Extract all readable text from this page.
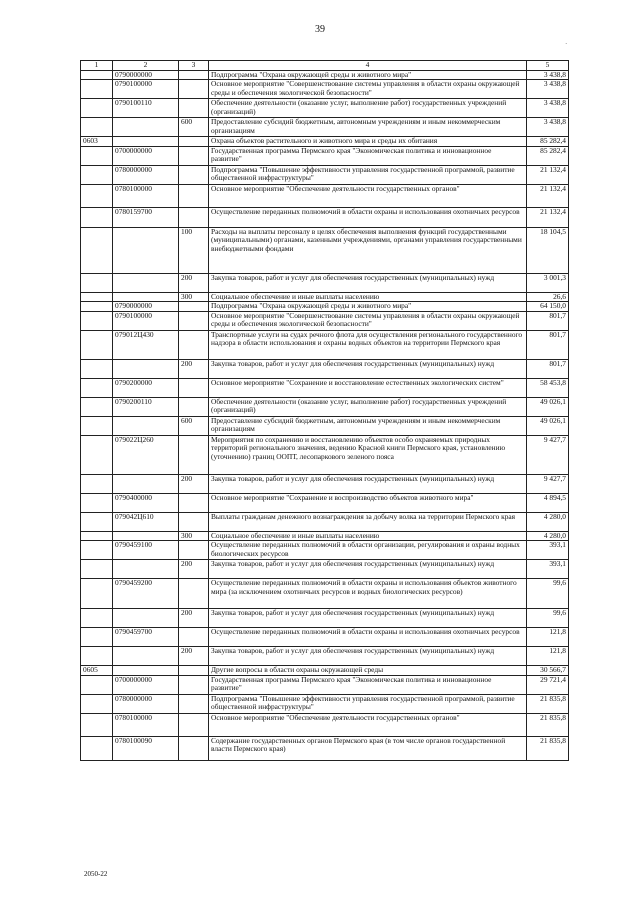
39
·
1	2	3	4	5
	0790000000		Подпрограмма "Охрана окружающей среды и животного мира"	3 438,8
	0790100000		Основное мероприятие "Совершенствование системы управления в области охраны окружающей среды и обеспечения экологической безопасности"	3 438,8
	0790100110		Обеспечение деятельности (оказание услуг, выполнение работ) государственных учреждений (организаций)	3 438,8
		600	Предоставление субсидий бюджетным, автономным учреждениям и иным некоммерческим организациям	3 438,8
0603			Охрана объектов растительного и животного мира и среды их обитания	85 282,4
	0700000000		Государственная программа Пермского края "Экономическая политика и инновационное развитие"	85 282,4
	0780000000		Подпрограмма "Повышение эффективности управления государственной программой, развитие общественной инфраструктуры"	21 132,4
	0780100000		Основное мероприятие "Обеспечение деятельности государственных органов"	21 132,4
	0780159700		Осуществление переданных полномочий в области охраны и использования охотничьих ресурсов	21 132,4
		100	Расходы на выплаты персоналу в целях обеспечения выполнения функций государственными (муниципальными) органами, казенными учреждениями, органами управления государственными внебюджетными фондами	18 104,5
		200	Закупка товаров, работ и услуг для обеспечения государственных (муниципальных) нужд	3 001,3
		300	Социальное обеспечение и иные выплаты населению	26,6
	0790000000		Подпрограмма "Охрана окружающей среды и животного мира"	64 150,0
	0790100000		Основное мероприятие "Совершенствование системы управления в области охраны окружающей среды и обеспечения экологической безопасности"	801,7
	079012Ц430		Транспортные услуги на судах речного флота для осуществления регионального государственного надзора в области использования и охраны водных объектов на территории Пермского края	801,7
		200	Закупка товаров, работ и услуг для обеспечения государственных (муниципальных) нужд	801,7
	0790200000		Основное мероприятие "Сохранение и восстановление естественных экологических систем"	58 453,8
	0790200110		Обеспечение деятельности (оказание услуг, выполнение работ) государственных учреждений (организаций)	49 026,1
		600	Предоставление субсидий бюджетным, автономным учреждениям и иным некоммерческим организациям	49 026,1
	079022Ц260		Мероприятия по сохранению и восстановлению объектов особо охраняемых природных территорий регионального значения, ведению Красной книги Пермского края, установлению (уточнению) границ ООПТ, лесопаркового зеленого пояса	9 427,7
		200	Закупка товаров, работ и услуг для обеспечения государственных (муниципальных) нужд	9 427,7
	0790400000		Основное мероприятие "Сохранение и воспроизводство объектов животного мира"	4 894,5
	079042Ц610		Выплаты гражданам денежного вознаграждения за добычу волка на территории Пермского края	4 280,0
		300	Социальное обеспечение и иные выплаты населению	4 280,0
	0790459100		Осуществление переданных полномочий в области организации, регулирования и охраны водных биологических ресурсов	393,1
		200	Закупка товаров, работ и услуг для обеспечения государственных (муниципальных) нужд	393,1
	0790459200		Осуществление переданных полномочий в области охраны и использования объектов животного мира (за исключением охотничьих ресурсов и водных биологических ресурсов)	99,6
		200	Закупка товаров, работ и услуг для обеспечения государственных (муниципальных) нужд	99,6
	0790459700		Осуществление переданных полномочий в области охраны и использования охотничьих ресурсов	121,8
		200	Закупка товаров, работ и услуг для обеспечения государственных (муниципальных) нужд	121,8
0605			Другие вопросы в области охраны окружающей среды	30 566,7
	0700000000		Государственная программа Пермского края "Экономическая политика и инновационное развитие"	29 721,4
	0780000000		Подпрограмма "Повышение эффективности управления государственной программой, развитие общественной инфраструктуры"	21 835,8
	0780100000		Основное мероприятие "Обеспечение деятельности государственных органов"	21 835,8
	0780100090		Содержание государственных органов Пермского края (в том числе органов государственной власти Пермского края)	21 835,8
2050-22
